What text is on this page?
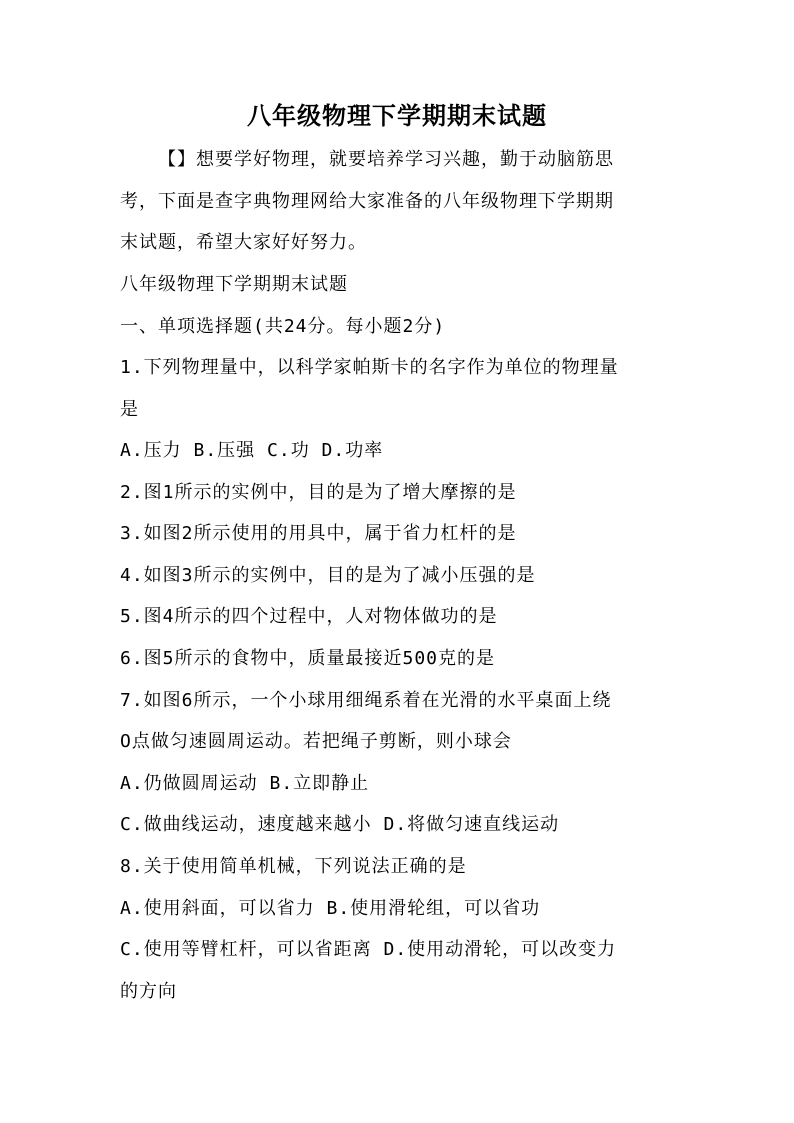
八年级物理下学期期末试题
【】想要学好物理，就要培养学习兴趣，勤于动脑筋思
考，下面是查字典物理网给大家准备的八年级物理下学期期
末试题，希望大家好好努力。
八年级物理下学期期末试题
一、单项选择题(共24分。每小题2分)
1.下列物理量中，以科学家帕斯卡的名字作为单位的物理量
是
A.压力 B.压强 C.功 D.功率
2.图1所示的实例中，目的是为了增大摩擦的是
3.如图2所示使用的用具中，属于省力杠杆的是
4.如图3所示的实例中，目的是为了减小压强的是
5.图4所示的四个过程中，人对物体做功的是
6.图5所示的食物中，质量最接近500克的是
7.如图6所示，一个小球用细绳系着在光滑的水平桌面上绕
O点做匀速圆周运动。若把绳子剪断，则小球会
A.仍做圆周运动 B.立即静止
C.做曲线运动，速度越来越小 D.将做匀速直线运动
8.关于使用简单机械，下列说法正确的是
A.使用斜面，可以省力 B.使用滑轮组，可以省功
C.使用等臂杠杆，可以省距离 D.使用动滑轮，可以改变力
的方向
